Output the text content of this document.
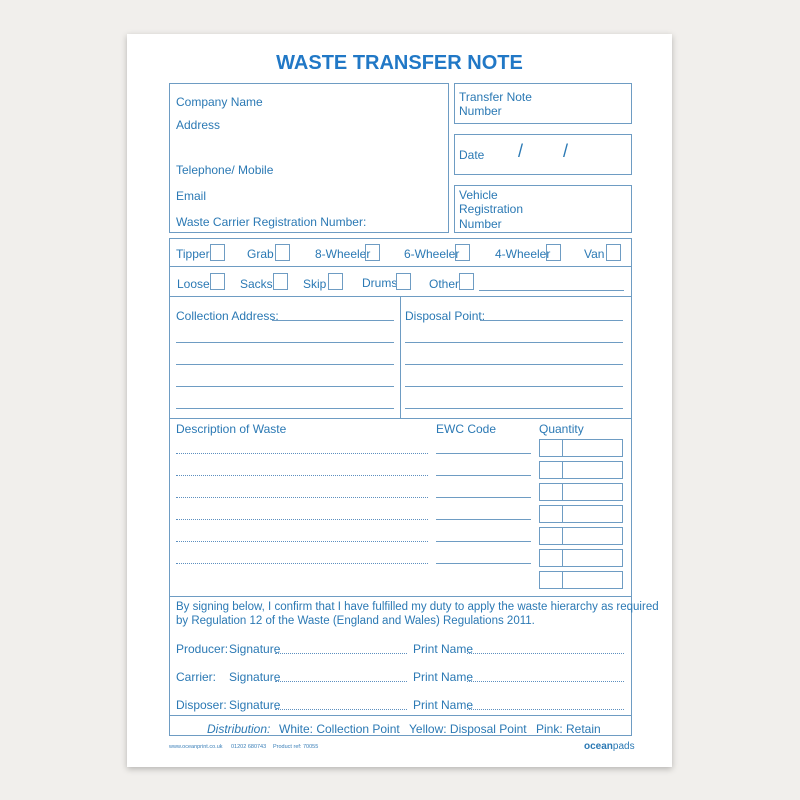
WASTE TRANSFER NOTE
Company Name
Address
Telephone/ Mobile
Email
Waste Carrier Registration Number:
Transfer Note
Number
Date / /
Vehicle
Registration
Number
Tipper	Grab	8-Wheeler	6-Wheeler	4-Wheeler	Van
Loose	Sacks	Skip	Drums	Other
Collection Address:	Disposal Point:
Description of Waste	EWC Code	Quantity
By signing below, I confirm that I have fulfilled my duty to apply the waste hierarchy as required
by Regulation 12 of the Waste (England and Wales) Regulations 2011.
Producer: Signature	Print Name
Carrier: Signature	Print Name
Disposer: Signature	Print Name
Distribution: White: Collection Point Yellow: Disposal Point Pink: Retain
www.oceanprint.co.uk 01202 680743 Product ref: 70055	oceanpads
